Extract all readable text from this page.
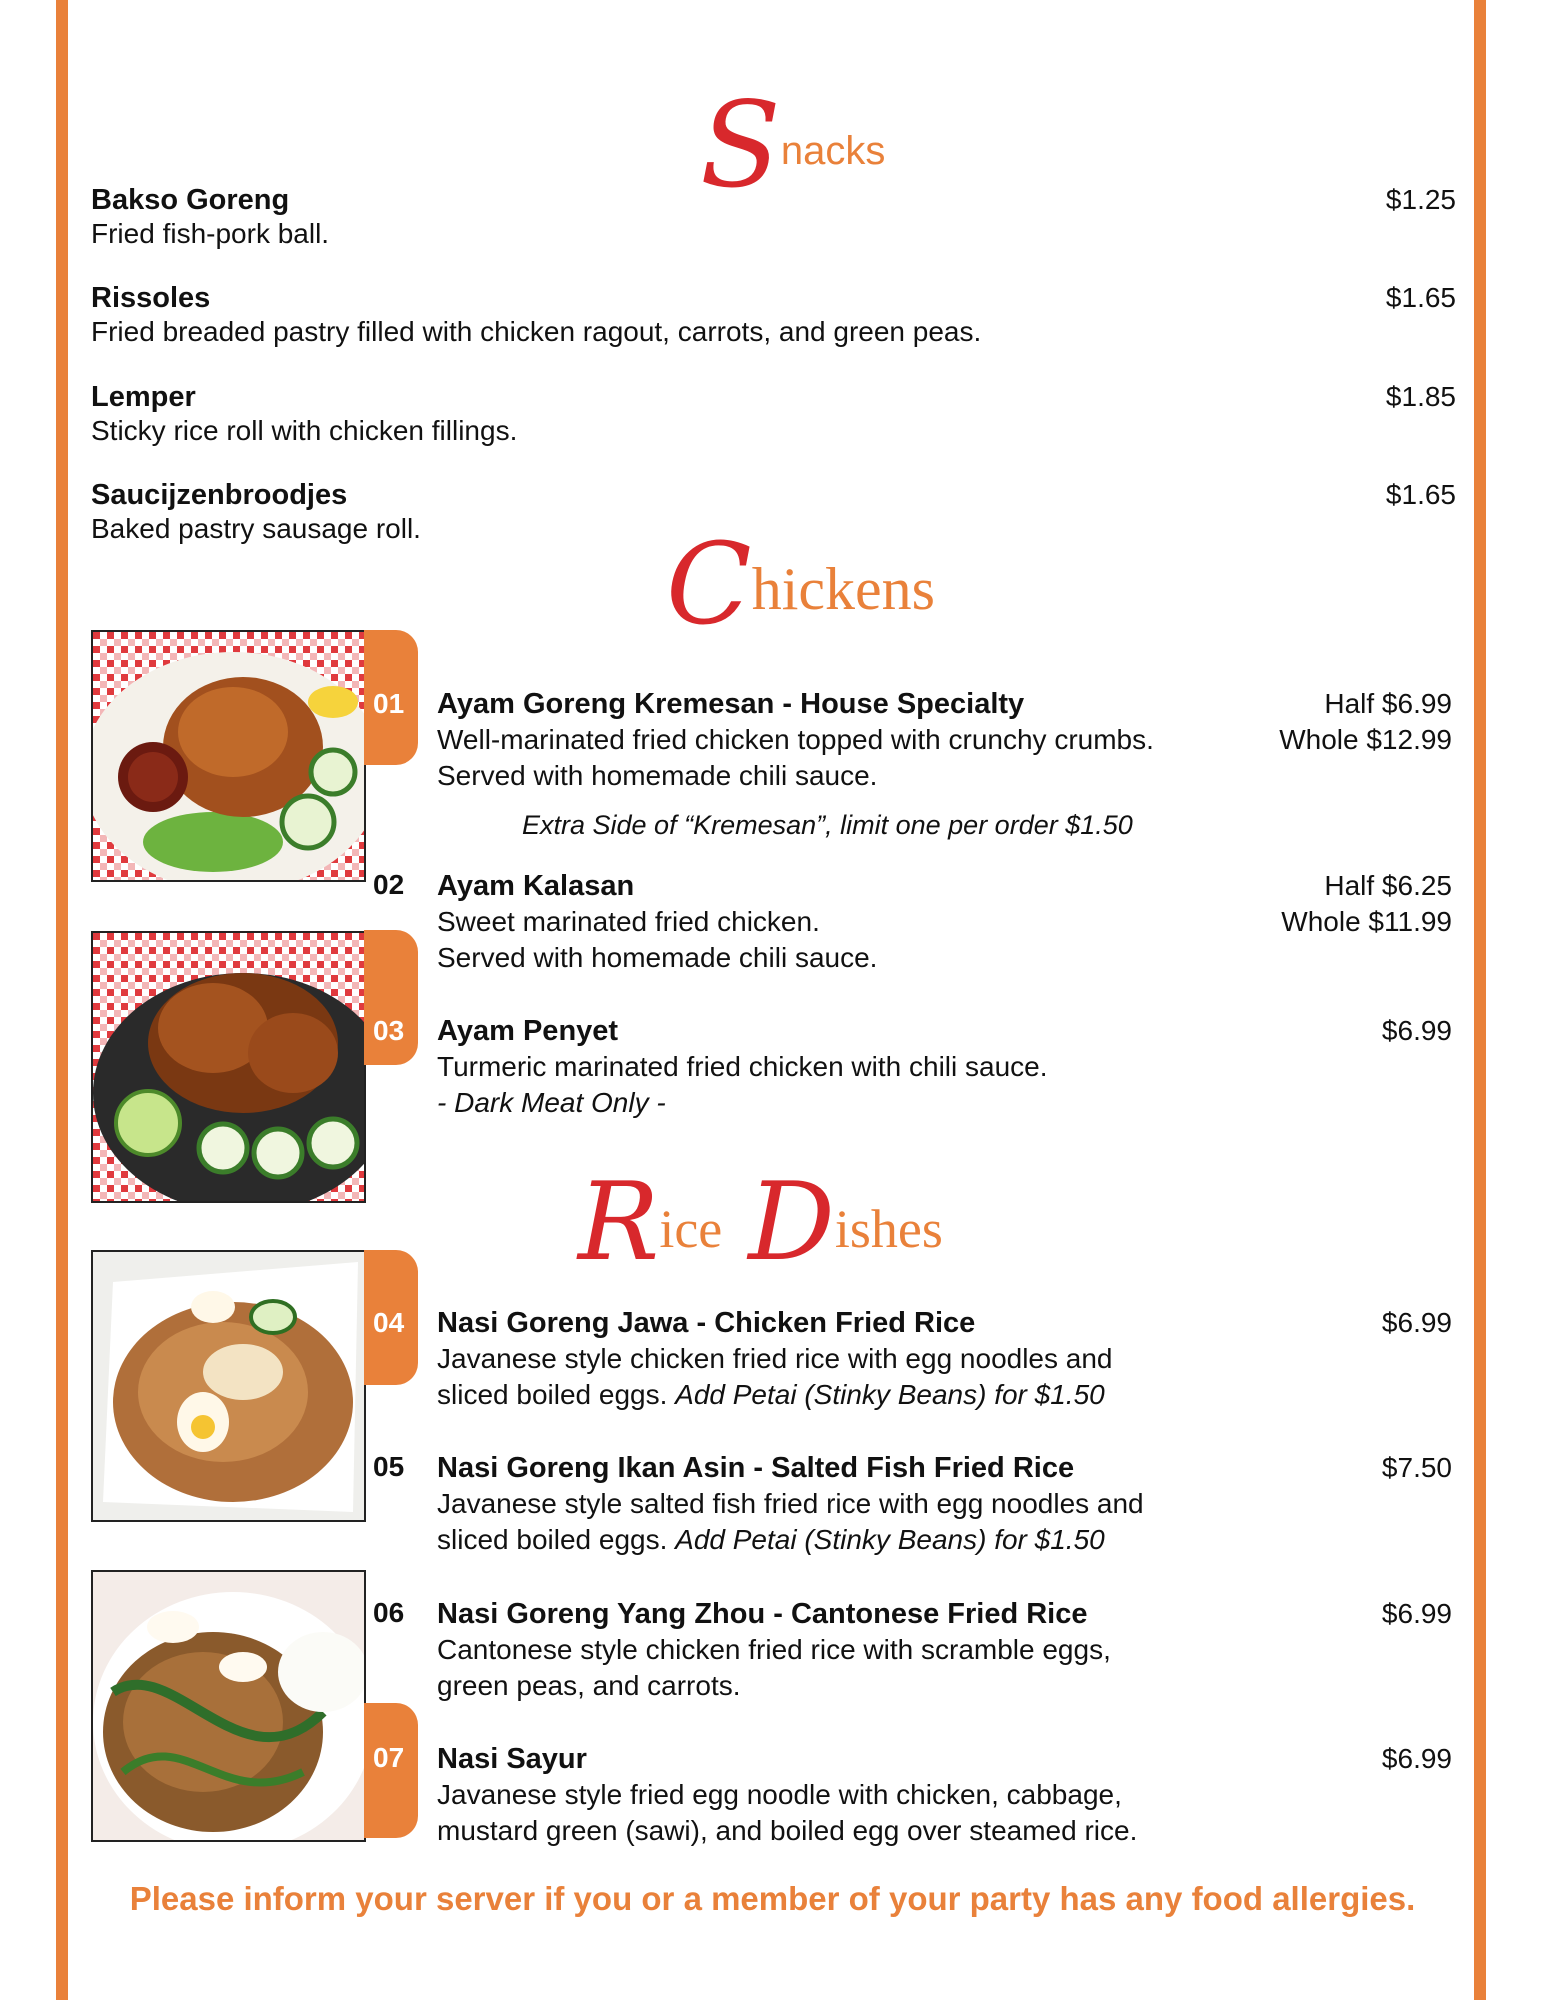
Snacks
Bakso Goreng
Fried fish-pork ball.
$1.25
Rissoles
Fried breaded pastry filled with chicken ragout, carrots, and green peas.
$1.65
Lemper
Sticky rice roll with chicken fillings.
$1.85
Saucijzenbroodjes
Baked pastry sausage roll.
$1.65
Chickens
01 Ayam Goreng Kremesan - House Specialty
Well-marinated fried chicken topped with crunchy crumbs.
Served with homemade chili sauce.
Half $6.99
Whole $12.99
Extra Side of “Kremesan”, limit one per order $1.50
02 Ayam Kalasan
Sweet marinated fried chicken.
Served with homemade chili sauce.
Half $6.25
Whole $11.99
03 Ayam Penyet
Turmeric marinated fried chicken with chili sauce.
- Dark Meat Only -
$6.99
Rice Dishes
04 Nasi Goreng Jawa - Chicken Fried Rice
Javanese style chicken fried rice with egg noodles and
sliced boiled eggs. Add Petai (Stinky Beans) for $1.50
$6.99
05 Nasi Goreng Ikan Asin - Salted Fish Fried Rice
Javanese style salted fish fried rice with egg noodles and
sliced boiled eggs. Add Petai (Stinky Beans) for $1.50
$7.50
06 Nasi Goreng Yang Zhou - Cantonese Fried Rice
Cantonese style chicken fried rice with scramble eggs,
green peas, and carrots.
$6.99
07 Nasi Sayur
Javanese style fried egg noodle with chicken, cabbage,
mustard green (sawi), and boiled egg over steamed rice.
$6.99
Please inform your server if you or a member of your party has any food allergies.
